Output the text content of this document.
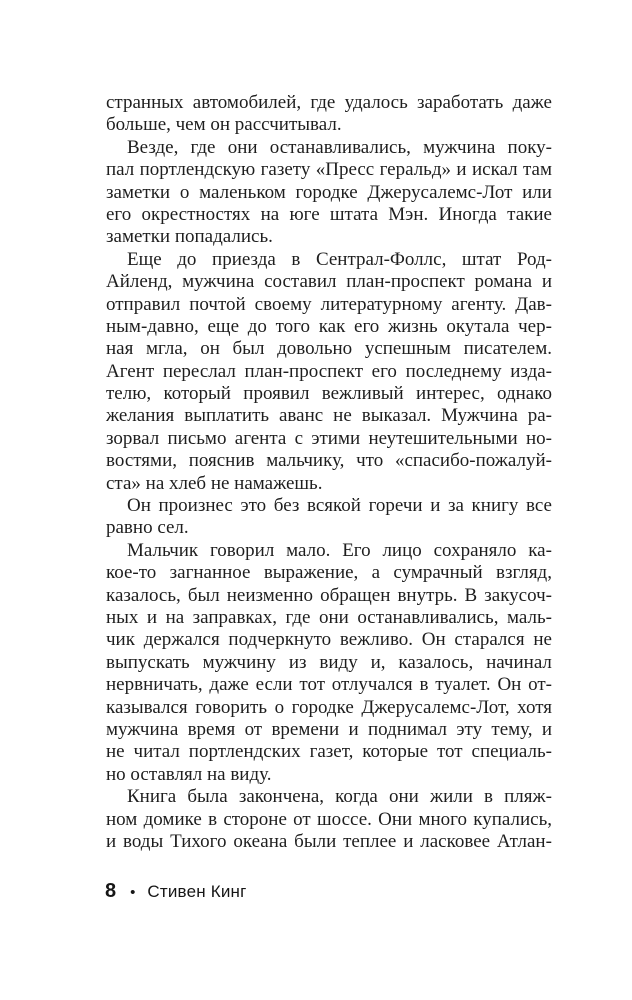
странных автомобилей, где удалось заработать даже
больше, чем он рассчитывал.
Везде, где они останавливались, мужчина поку-
пал портлендскую газету «Пресс геральд» и искал там
заметки о маленьком городке Джерусалемс-Лот или
его окрестностях на юге штата Мэн. Иногда такие
заметки попадались.
Еще до приезда в Сентрал-Фоллс, штат Род-
Айленд, мужчина составил план-проспект романа и
отправил почтой своему литературному агенту. Дав-
ным-давно, еще до того как его жизнь окутала чер-
ная мгла, он был довольно успешным писателем.
Агент переслал план-проспект его последнему изда-
телю, который проявил вежливый интерес, однако
желания выплатить аванс не выказал. Мужчина ра-
зорвал письмо агента с этими неутешительными но-
востями, пояснив мальчику, что «спасибо-пожалуй-
ста» на хлеб не намажешь.
Он произнес это без всякой горечи и за книгу все
равно сел.
Мальчик говорил мало. Его лицо сохраняло ка-
кое-то загнанное выражение, а сумрачный взгляд,
казалось, был неизменно обращен внутрь. В закусоч-
ных и на заправках, где они останавливались, маль-
чик держался подчеркнуто вежливо. Он старался не
выпускать мужчину из виду и, казалось, начинал
нервничать, даже если тот отлучался в туалет. Он от-
казывался говорить о городке Джерусалемс-Лот, хотя
мужчина время от времени и поднимал эту тему, и
не читал портлендских газет, которые тот специаль-
но оставлял на виду.
Книга была закончена, когда они жили в пляж-
ном домике в стороне от шоссе. Они много купались,
и воды Тихого океана были теплее и ласковее Атлан-
8 • Стивен Кинг
